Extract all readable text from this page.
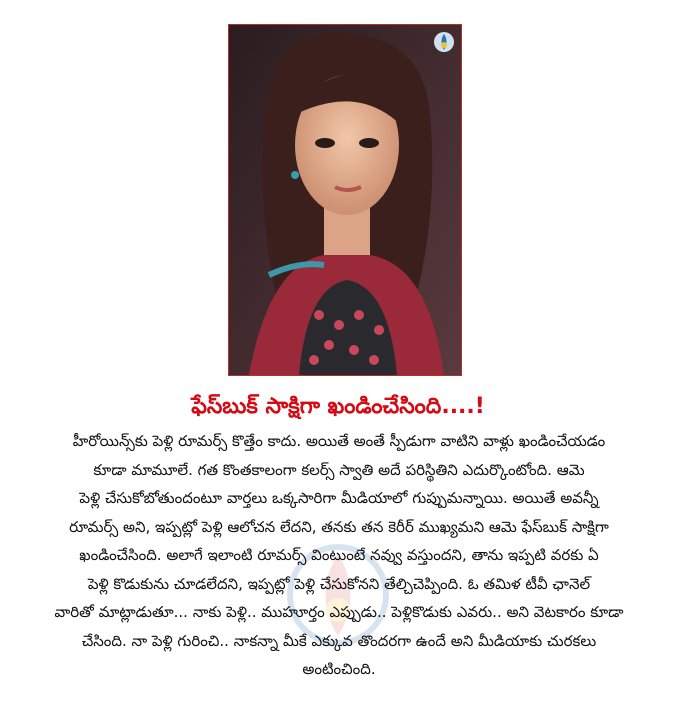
ఫేస్‌బుక్ సాక్షిగా ఖండించేసింది....!
హీరోయిన్స్‌కు పెళ్లి రూమర్స్ కొత్తేం కాదు. అయితే అంతే స్పీడుగా వాటిని వాళ్లు ఖండించేయడం
కూడా మామూలే. గత కొంతకాలంగా కలర్స్ స్వాతి అదే పరిస్థితిని ఎదుర్కొంటోంది. ఆమె
పెళ్లి చేసుకోబోతుందంటూ వార్తలు ఒక్కసారిగా మీడియాలో గుప్పుమన్నాయి. అయితే అవన్నీ
రూమర్స్ అని, ఇప్పట్లో పెళ్లి ఆలోచన లేదని, తనకు తన కెరీర్ ముఖ్యమని ఆమె ఫేస్‌బుక్ సాక్షిగా
ఖండించేసింది. అలాగే ఇలాంటి రూమర్స్ వింటుంటే నవ్వు వస్తుందని, తాను ఇప్పటి వరకు ఏ
పెళ్లి కొడుకును చూడలేదని, ఇప్పట్లో పెళ్లి చేసుకోనని తేల్చిచెప్పింది. ఓ తమిళ టీవీ ఛానెల్
వారితో మాట్లాడుతూ... నాకు పెళ్లి.. ముహూర్తం ఎప్పుడు.. పెళ్లికొడుకు ఎవరు.. అని వెటకారం కూడా
చేసింది. నా పెళ్లి గురించి.. నాకన్నా మీకే ఎక్కువ తొందరగా ఉందే అని మీడియాకు చురకలు
అంటించింది.
